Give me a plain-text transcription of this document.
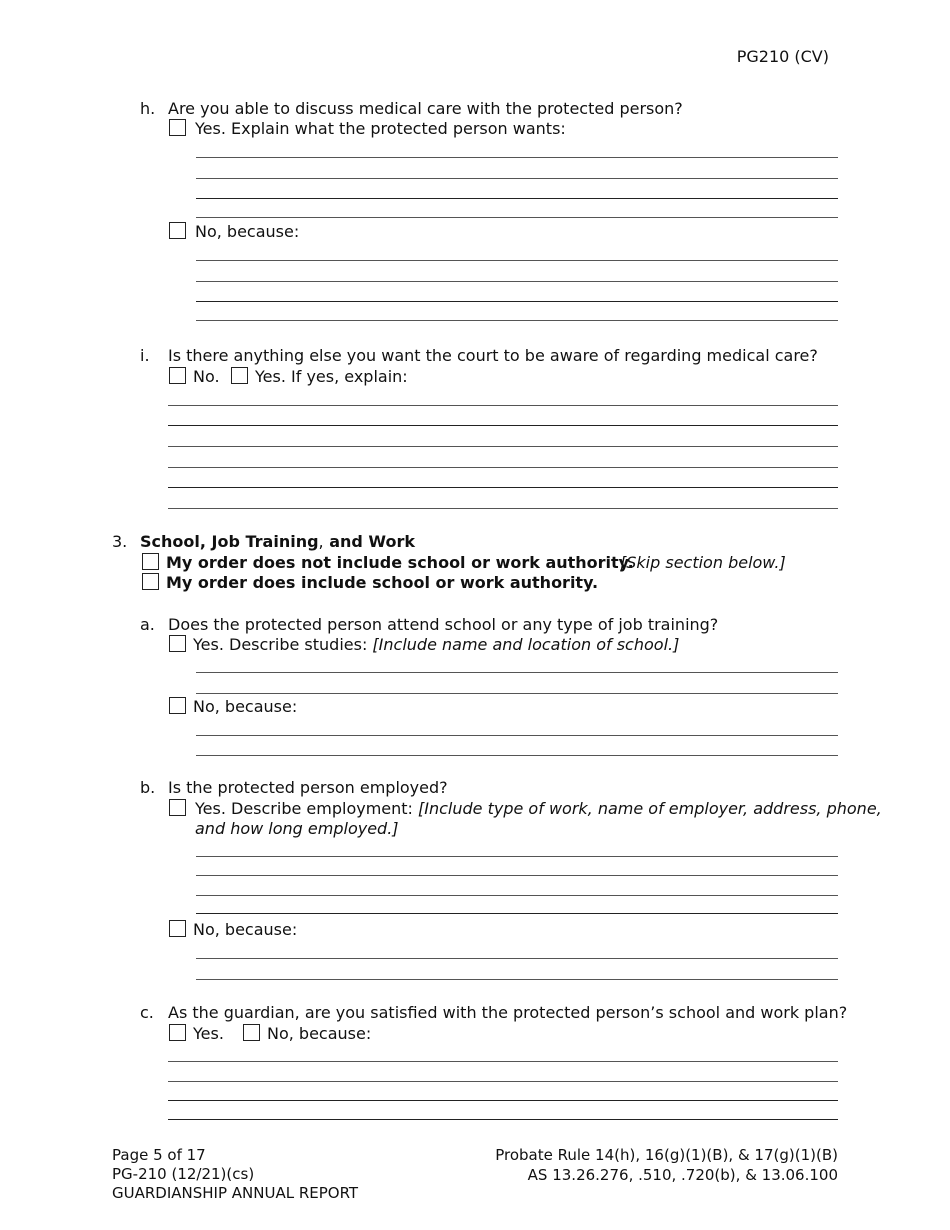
PG210 (CV)
h. Are you able to discuss medical care with the protected person?
Yes. Explain what the protected person wants:
No, because:
i. Is there anything else you want the court to be aware of regarding medical care?
No. Yes. If yes, explain:
3. School, Job Training, and Work
My order does not include school or work authority.
[Skip section below.]
My order does include school or work authority.
a. Does the protected person attend school or any type of job training?
Yes. Describe studies: [Include name and location of school.]
No, because:
b. Is the protected person employed?
Yes. Describe employment: [Include type of work, name of employer, address, phone,
and how long employed.]
No, because:
c. As the guardian, are you satisfied with the protected person’s school and work plan?
Yes.	No, because:
Page 5 of 17
PG-210 (12/21)(cs)
GUARDIANSHIP ANNUAL REPORT
Probate Rule 14(h), 16(g)(1)(B), & 17(g)(1)(B)
AS 13.26.276, .510, .720(b), & 13.06.100
